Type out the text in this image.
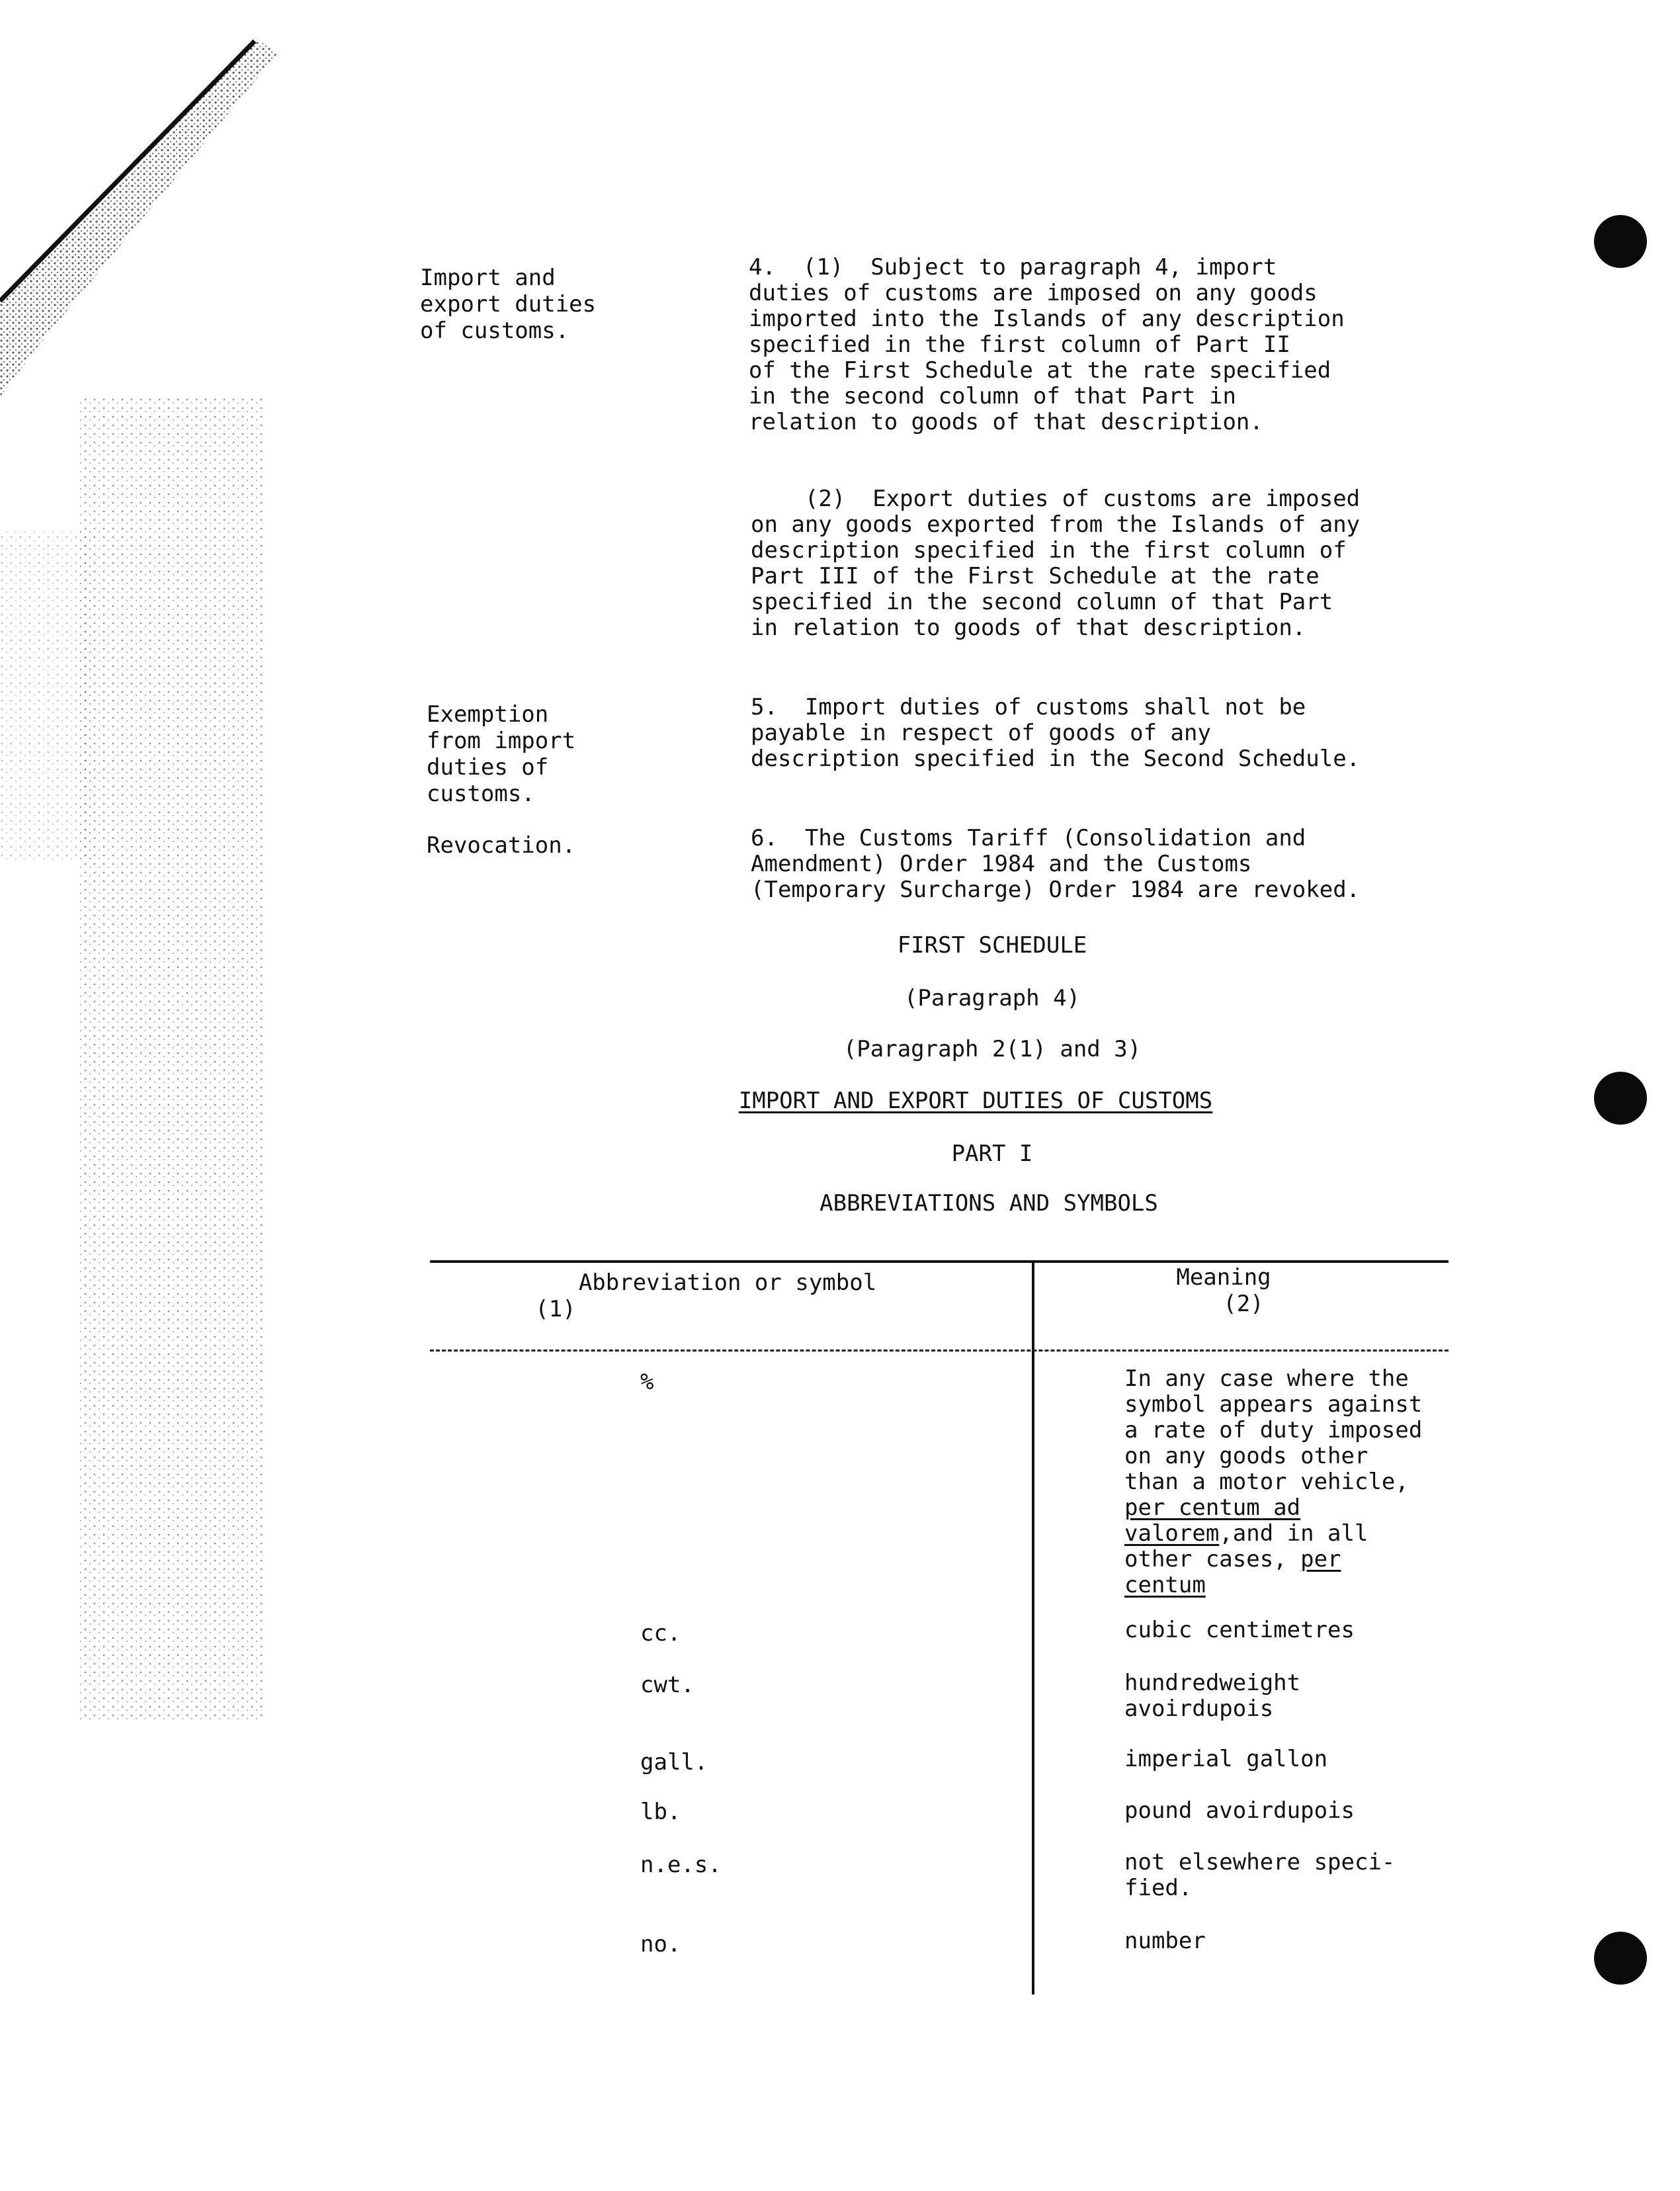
Import and
export duties
of customs.
Exemption
from import
duties of
customs.
Revocation.
4.  (1)  Subject to paragraph 4, import
duties of customs are imposed on any goods
imported into the Islands of any description
specified in the first column of Part II
of the First Schedule at the rate specified
in the second column of that Part in
relation to goods of that description.
(2)  Export duties of customs are imposed
on any goods exported from the Islands of any
description specified in the first column of
Part III of the First Schedule at the rate
specified in the second column of that Part
in relation to goods of that description.
5.  Import duties of customs shall not be
payable in respect of goods of any
description specified in the Second Schedule.
6.  The Customs Tariff (Consolidation and
Amendment) Order 1984 and the Customs
(Temporary Surcharge) Order 1984 are revoked.
FIRST SCHEDULE
(Paragraph 4)
(Paragraph 2(1) and 3)
IMPORT AND EXPORT DUTIES OF CUSTOMS
PART I
ABBREVIATIONS AND SYMBOLS
Abbreviation or symbol
(1)
Meaning
(2)
%	In any case where the
symbol appears against
a rate of duty imposed
on any goods other
than a motor vehicle,
per centum ad
valorem,and in all
other cases, per
centum
cc.	cubic centimetres
cwt.	hundredweight
avoirdupois
gall.	imperial gallon
lb.	pound avoirdupois
n.e.s.	not elsewhere speci-
fied.
no.	number
